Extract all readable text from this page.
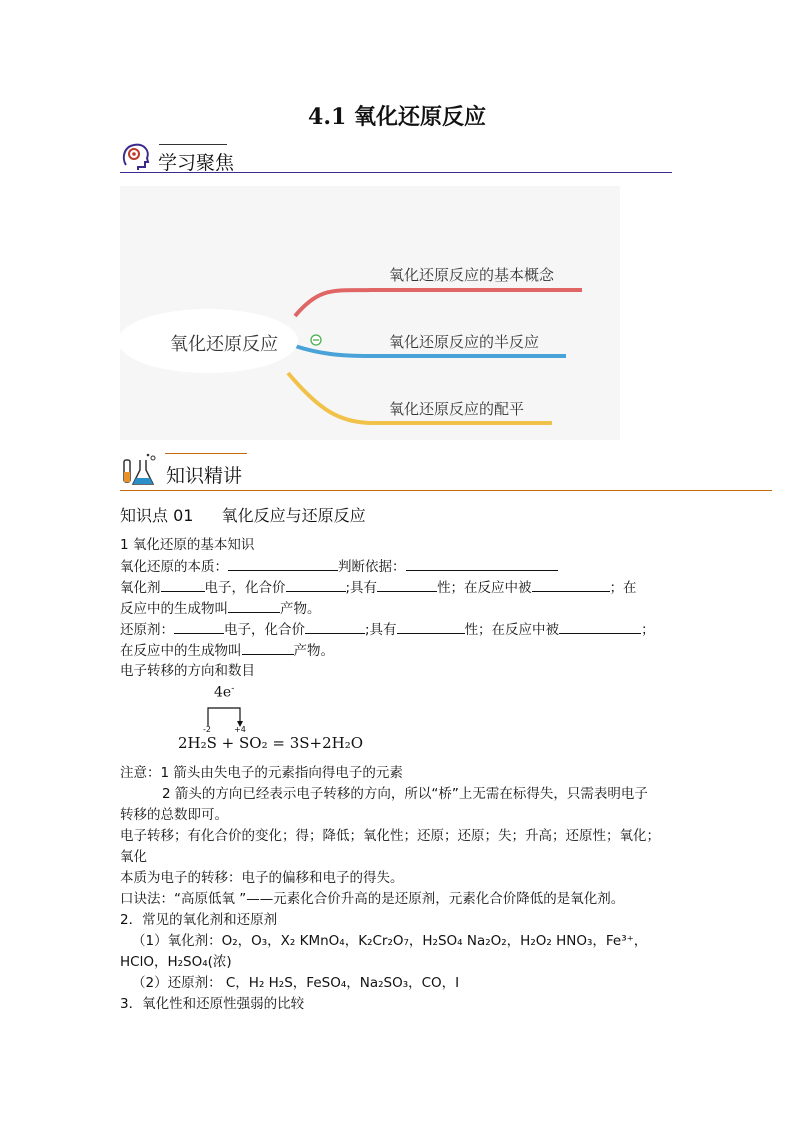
4.1 氧化还原反应
学习聚焦
氧化还原反应
氧化还原反应的基本概念
氧化还原反应的半反应
氧化还原反应的配平
知识精讲
知识点 01 氧化反应与还原反应
1 氧化还原的基本知识
氧化还原的本质：	判断依据：
氧化剂	电子，化合价	;具有	性；在反应中被	；在
反应中的生成物叫	产物。
还原剂：	电子，化合价	;具有	性；在反应中被	；
在反应中的生成物叫	产物。
电子转移的方向和数目
4e-
-2	+4
2H₂S + SO₂ = 3S+2H₂O
注意：1 箭头由失电子的元素指向得电子的元素
2 箭头的方向已经表示电子转移的方向，所以“桥”上无需在标得失，只需表明电子
转移的总数即可。
电子转移；有化合价的变化；得；降低；氧化性；还原；还原；失；升高；还原性；氧化；
氧化
本质为电子的转移：电子的偏移和电子的得失。
口诀法：“高原低氧 ”——元素化合价升高的是还原剂，元素化合价降低的是氧化剂。
2．常见的氧化剂和还原剂
（1）氧化剂：O₂，O₃，X₂ KMnO₄，K₂Cr₂O₇，H₂SO₄ Na₂O₂，H₂O₂ HNO₃，Fe³⁺，
HClO，H₂SO₄(浓)
（2）还原剂： C，H₂ H₂S，FeSO₄，Na₂SO₃，CO，I
3．氧化性和还原性强弱的比较
